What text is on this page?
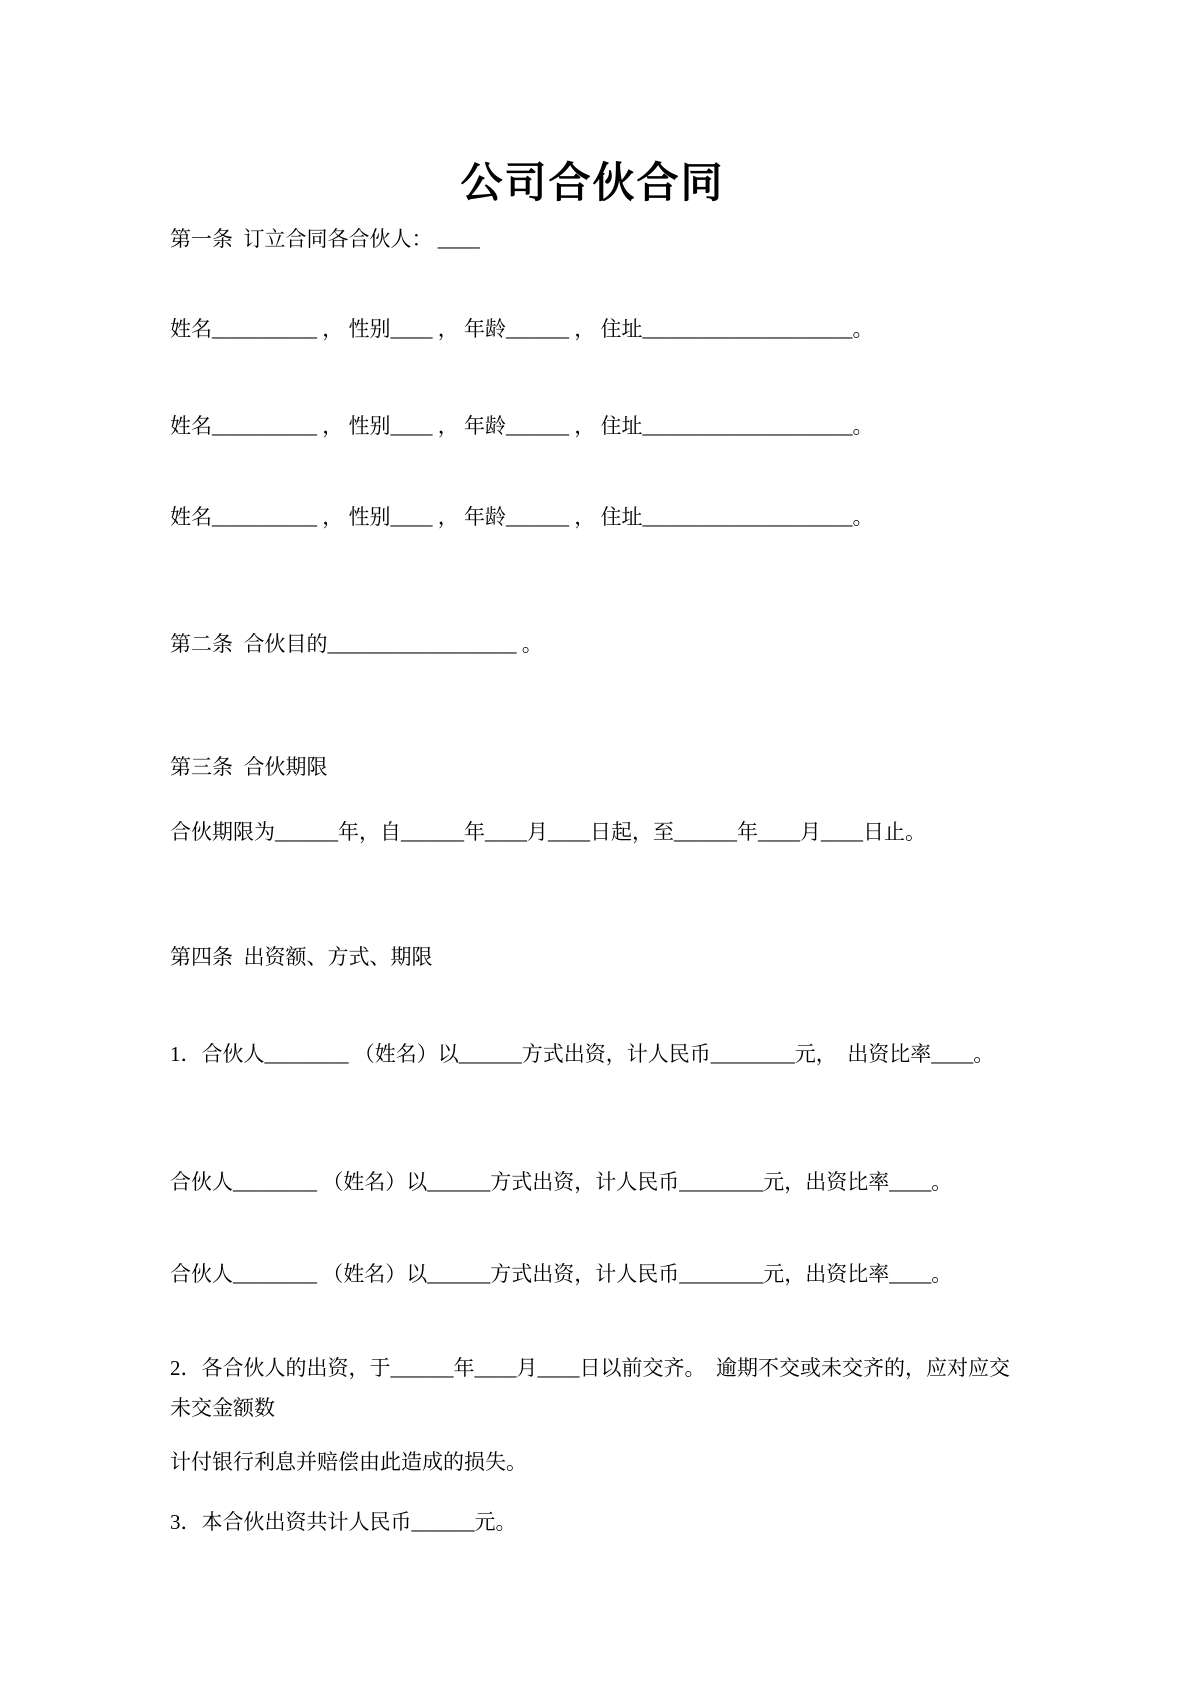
公司合伙合同

第一条  订立合同各合伙人： ____

姓名__________ ， 性别____ ， 年龄______ ， 住址____________________。

姓名__________ ， 性别____ ， 年龄______ ， 住址____________________。

姓名__________ ， 性别____ ， 年龄______ ， 住址____________________。

第二条  合伙目的__________________ 。

第三条  合伙期限

合伙期限为______年，自______年____月____日起，至______年____月____日止。

第四条  出资额、方式、期限

1．合伙人________ （姓名）以______方式出资，计人民币________元，  出资比率____。

合伙人________ （姓名）以______方式出资，计人民币________元，出资比率____。

合伙人________ （姓名）以______方式出资，计人民币________元，出资比率____。

2．各合伙人的出资，于______年____月____日以前交齐。  逾期不交或未交齐的，应对应交未交金额数

计付银行利息并赔偿由此造成的损失。

3．本合伙出资共计人民币______元。
